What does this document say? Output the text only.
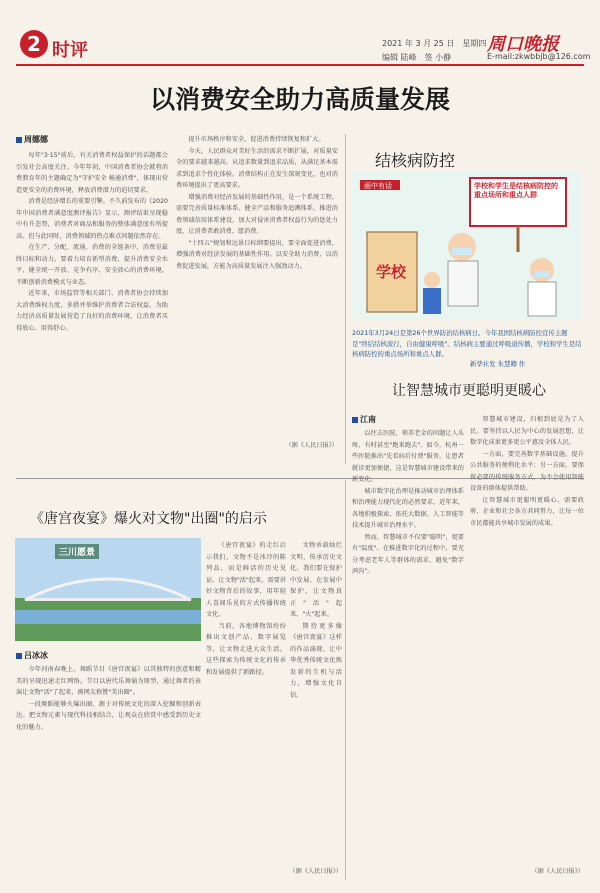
2 时评	2021 年 3 月 25 日　星期四 周口晚报
编辑 陆峰　签 小静	E-mail:zkwbbjb@126.com
以消费安全助力高质量发展
周娜娜

每年"3·15"前后，有关消费者权益保护的话题都会引发社会高度关注。今年年初，中国消费者协会就将消费教育年的主题确定为"守护安全 畅通消费"，体现出营造更安全的消费环境，释放消费潜力的迫切要求。

消费是经济增长的重要引擎。不久前发布的《2020年中国消费者满意度测评报告》显示，测评结果呈现稳中有升态势，消费者对商品和服务的整体满意度有所提高。但与此同时，消费领域的热点难点问题依然存在。

在生产、分配、流通、消费的全链条中，消费是最终目标和动力。要着力培育新型消费，提升消费安全水平，健全统一开放、竞争有序、安全放心的消费环境，不断创新消费模式与业态。

近年来，市场监管等相关部门、消费者协会持续加大消费维权力度，多措并举维护消费者合法权益，为助力经济高质量发展营造了良好的消费环境，让消费者买得放心、用得舒心。

提升市场秩序和安全，促进消费持续恢复和扩大。

今天，人民群众对美好生活的需求不断扩展，对质量安全的要求越来越高。从追求数量到追求品质，从满足基本需求到追求个性化体验，消费结构正在发生深刻变化，也对消费环境提出了更高要求。

增强消费对经济发展的基础性作用，是一个系统工程。需要完善质量标准体系、健全产品和服务追溯体系，推进消费领域信用体系建设，加大对侵害消费者权益行为的惩处力度，让消费者敢消费、愿消费。

"十四五"规划和远景目标纲要提出，要全面促进消费，增强消费对经济发展的基础性作用。以安全助力消费，以消费促进发展，方能为高质量发展注入强劲动力。

（据《人民日报》）

结核病防控
画中有话	学校和学生是结核病防控的重点场所和重点人群
学校
2021年3月24日是第26个世界防治结核病日。今年我国结核病防控宣传主题是"终结结核流行，自由健康呼吸"。结核病主要通过呼吸道传播，学校和学生是结核病防控的重点场所和重点人群。
新华社发 朱慧卿 作
《唐宫夜宴》爆火对文物"出圈"的启示
三川愿景
吕冰冰

今年河南春晚上，舞蹈节目《唐宫夜宴》以其独特的创意和精美的呈现迅速走红网络。节目以唐代乐舞俑为原型，通过舞者的表演让文物"活"了起来，被网友称赞"美出圈"。

一段舞蹈能够火爆出圈，源于对传统文化的深入挖掘和创新表达。把文物元素与现代科技相结合，让观众在欣赏中感受到历史文化的魅力。

《唐宫夜宴》的走红启示我们，文物不是冰冷的陈列品，而是鲜活的历史见证。让文物"活"起来，需要讲好文物背后的故事，用年轻人喜闻乐见的方式传播传统文化。

当前，各地博物馆纷纷推出文创产品、数字展览等，让文物走进大众生活。这些探索为传统文化的传承和发展提供了新路径。

文物承载灿烂文明，传承历史文化。我们要在保护中发展、在发展中保护，让文物真正"活"起来、"火"起来。

期待更多像《唐宫夜宴》这样的作品涌现，让中华优秀传统文化焕发新的生机与活力，增强文化自信。

让智慧城市更聪明更暖心
江南

以往去医院，领养老金的问题让人头疼，有时甚至"跑来跑去"。如今，杭州一些医院推出"先看病后付费"服务，让患者就诊更加便捷，这是智慧城市建设带来的新变化。

城市数字化治理是推动城市治理体系和治理能力现代化的必然要求。近年来，各地积极探索，依托大数据、人工智能等技术提升城市治理水平。

然而，智慧城市不仅要"聪明"，更要有"温度"。在推进数字化的过程中，要充分考虑老年人等群体的需求，避免"数字鸿沟"。

智慧城市建设，归根到底是为了人民。要坚持以人民为中心的发展思想，让数字化成果更多更公平惠及全体人民。

一方面，要完善数字基础设施，提升公共服务的便利化水平；另一方面，要保留必要的传统服务方式，为不会使用智能设备的群体提供帮助。

让智慧城市更聪明更暖心，需要政府、企业和社会各方共同努力，让每一位市民都能共享城市发展的成果。

（据《人民日报》）

（据《人民日报》）
